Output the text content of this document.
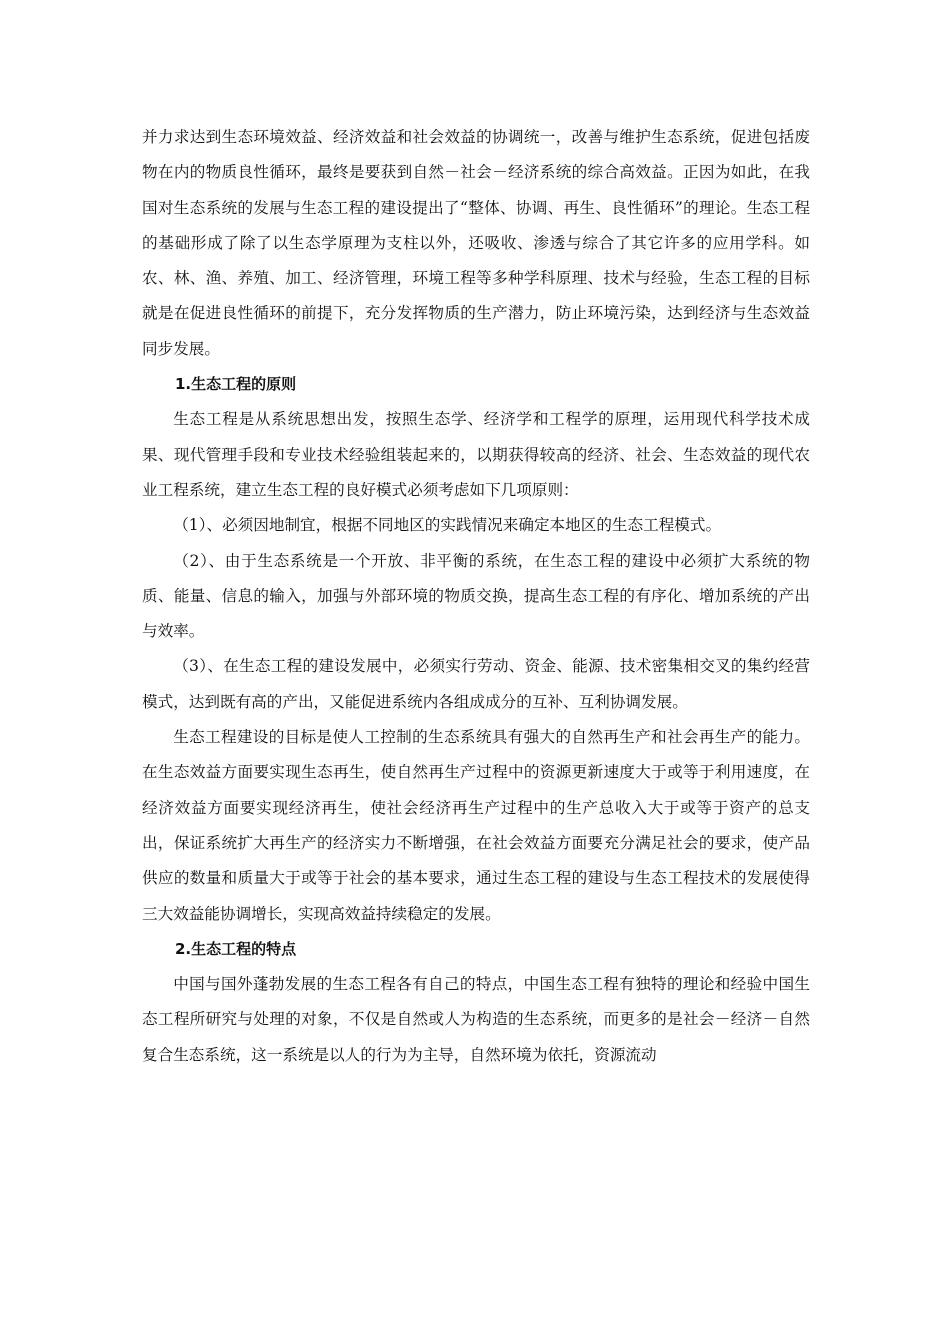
并力求达到生态环境效益、经济效益和社会效益的协调统一，改善与维护生态系统，促进包括废物在内的物质良性循环，最终是要获到自然－社会－经济系统的综合高效益。正因为如此，在我国对生态系统的发展与生态工程的建设提出了“整体、协调、再生、良性循环”的理论。生态工程的基础形成了除了以生态学原理为支柱以外，还吸收、渗透与综合了其它许多的应用学科。如农、林、渔、养殖、加工、经济管理，环境工程等多种学科原理、技术与经验，生态工程的目标就是在促进良性循环的前提下，充分发挥物质的生产潜力，防止环境污染，达到经济与生态效益同步发展。

1.生态工程的原则

生态工程是从系统思想出发，按照生态学、经济学和工程学的原理，运用现代科学技术成果、现代管理手段和专业技术经验组装起来的，以期获得较高的经济、社会、生态效益的现代农业工程系统，建立生态工程的良好模式必须考虑如下几项原则：

（1）、必须因地制宜，根据不同地区的实践情况来确定本地区的生态工程模式。

（2）、由于生态系统是一个开放、非平衡的系统，在生态工程的建设中必须扩大系统的物质、能量、信息的输入，加强与外部环境的物质交换，提高生态工程的有序化、增加系统的产出与效率。

（3）、在生态工程的建设发展中，必须实行劳动、资金、能源、技术密集相交叉的集约经营模式，达到既有高的产出，又能促进系统内各组成成分的互补、互利协调发展。

生态工程建设的目标是使人工控制的生态系统具有强大的自然再生产和社会再生产的能力。在生态效益方面要实现生态再生，使自然再生产过程中的资源更新速度大于或等于利用速度，在经济效益方面要实现经济再生，使社会经济再生产过程中的生产总收入大于或等于资产的总支出，保证系统扩大再生产的经济实力不断增强，在社会效益方面要充分满足社会的要求，使产品供应的数量和质量大于或等于社会的基本要求，通过生态工程的建设与生态工程技术的发展使得三大效益能协调增长，实现高效益持续稳定的发展。

2.生态工程的特点

中国与国外蓬勃发展的生态工程各有自己的特点，中国生态工程有独特的理论和经验中国生态工程所研究与处理的对象，不仅是自然或人为构造的生态系统，而更多的是社会－经济－自然复合生态系统，这一系统是以人的行为为主导，自然环境为依托，资源流动
